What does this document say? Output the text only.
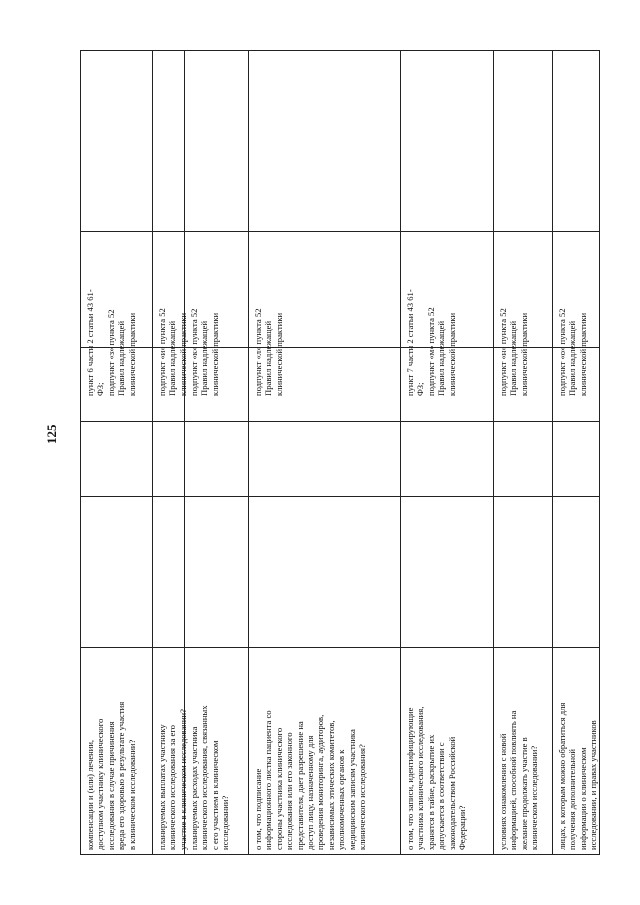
125
компенсации и (или) лечении,
доступном участнику клинического
исследования в случае причинения
вреда его здоровью в результате участия
в клиническом исследовании?
пункт 6 части 2 статьи 43 61-
ФЗ;
подпункт «з» пункта 52
Правил надлежащей
клинической практики
планируемых выплатах участнику
клинического исследования за его
участие в клиническом исследовании?
подпункт «и» пункта 52
Правил надлежащей
клинической практики
планируемых расходах участника
клинического исследования, связанных
с его участием в клиническом
исследовании?
подпункт «к» пункта 52
Правил надлежащей
клинической практики
о том, что подписание
информационного листка пациента со
стороны участника клинического
исследования или его законного
представителя, дает разрешение на
доступ лицу, назначенному для
проведения мониторинга, аудиторов,
независимых этических комитетов,
уполномоченных органов к
медицинским записям участника
клинического исследования?
подпункт «л» пункта 52
Правил надлежащей
клинической практики
о том, что записи, идентифицирующие
участника клинического исследования,
хранятся в тайне, раскрытие их
допускается в соответствии с
законодательством Российской
Федерации?
пункт 7 части 2 статьи 43 61-
ФЗ;
подпункт «м» пункта 52
Правил надлежащей
клинической практики
условиях ознакомления с новой
информацией, способной повлиять на
желание продолжать участие в
клиническом исследовании?
подпункт «н» пункта 52
Правил надлежащей
клинической практики
лицах, к которым можно обратиться для
получения дополнительной
информации о клиническом
исследовании, и правах участников
подпункт «о» пункта 52
Правил надлежащей
клинической практики
